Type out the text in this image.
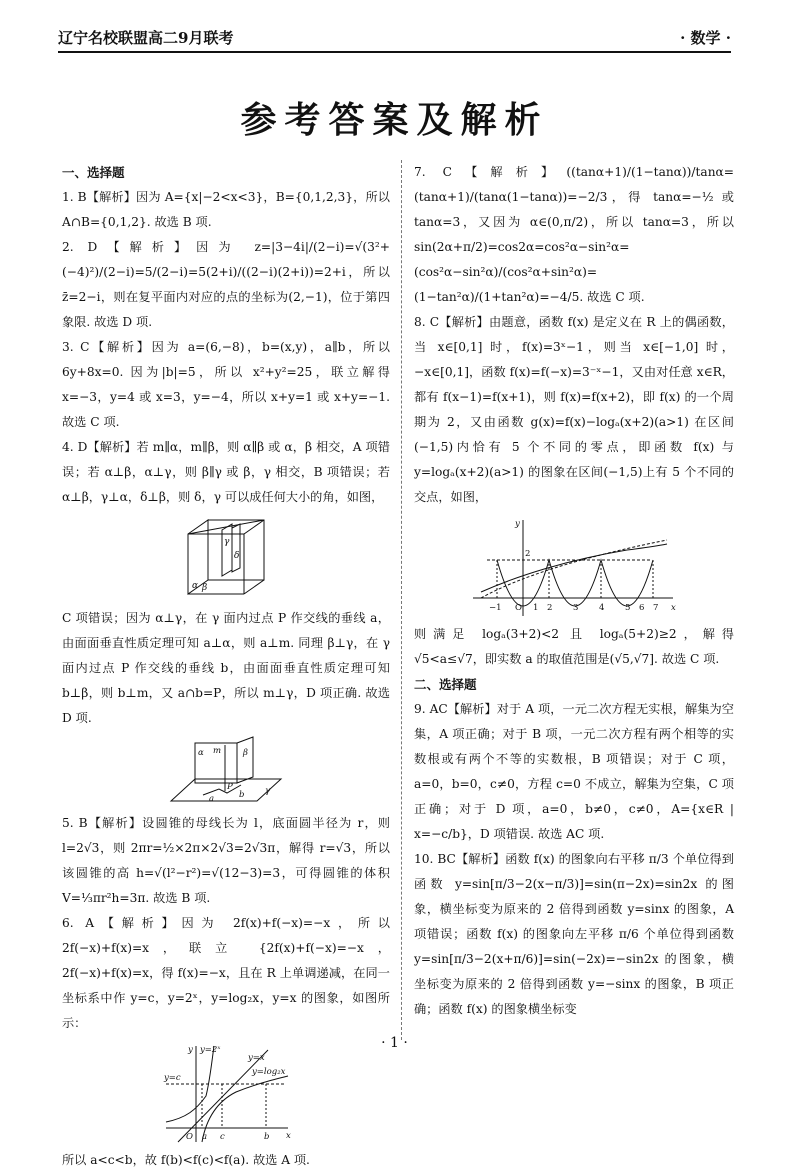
辽宁名校联盟高二9月联考	· 数学 ·
参考答案及解析
一、选择题

1. B【解析】因为 A={x|−2<x<3}，B={0,1,2,3}，所以 A∩B={0,1,2}. 故选 B 项.

2. D【解析】因为 z=|3−4i|/(2−i)=√(3²+(−4)²)/(2−i)=5/(2−i)=5(2+i)/((2−i)(2+i))=2+i，所以 z̄=2−i，则在复平面内对应的点的坐标为(2,−1)，位于第四象限. 故选 D 项.

3. C【解析】因为 a=(6,−8)，b=(x,y)，a∥b，所以 6y+8x=0. 因为|b|=5，所以 x²+y²=25，联立解得 x=−3，y=4 或 x=3，y=−4，所以 x+y=1 或 x+y=−1. 故选 C 项.

4. D【解析】若 m∥α，m∥β，则 α∥β 或 α，β 相交，A 项错误；若 α⊥β，α⊥γ，则 β∥γ 或 β，γ 相交，B 项错误；若 α⊥β，γ⊥α，δ⊥β，则 δ，γ 可以成任何大小的角，如图，

γ
α β
δ

C 项错误；因为 α⊥γ，在 γ 面内过点 P 作交线的垂线 a，由面面垂直性质定理可知 a⊥α，则 a⊥m. 同理 β⊥γ，在 γ 面内过点 P 作交线的垂线 b，由面面垂直性质定理可知 b⊥β，则 b⊥m，又 a∩b=P，所以 m⊥γ，D 项正确. 故选 D 项.

α m	β
γ
P
a	b

5. B【解析】设圆锥的母线长为 l，底面圆半径为 r，则 l=2√3，则 2πr=½×2π×2√3=2√3π，解得 r=√3，所以该圆锥的高 h=√(l²−r²)=√(12−3)=3，可得圆锥的体积 V=⅓πr²h=3π. 故选 B 项.

6. A【解析】因为 2f(x)+f(−x)=−x，所以 2f(−x)+f(x)=x，联立 {2f(x)+f(−x)=−x，2f(−x)+f(x)=x，得 f(x)=−x，且在 R 上单调递减，在同一坐标系中作 y=c，y=2ˣ，y=log₂x，y=x 的图象，如图所示：

y=2ˣ
y=x
y=log₂x
y=c
O a c	b x
y

所以 a<c<b，故 f(b)<f(c)<f(a). 故选 A 项.

7. C【解析】((tanα+1)/(1−tanα))/tanα=(tanα+1)/(tanα(1−tanα))=−2/3，得 tanα=−½ 或 tanα=3，又因为 α∈(0,π/2)，所以 tanα=3，所以 sin(2α+π/2)=cos2α=cos²α−sin²α=(cos²α−sin²α)/(cos²α+sin²α)=(1−tan²α)/(1+tan²α)=−4/5. 故选 C 项.

8. C【解析】由题意，函数 f(x) 是定义在 R 上的偶函数，当 x∈[0,1] 时，f(x)=3ˣ−1，则当 x∈[−1,0] 时，−x∈[0,1]，函数 f(x)=f(−x)=3⁻ˣ−1，又由对任意 x∈R，都有 f(x−1)=f(x+1)，则 f(x)=f(x+2)，即 f(x) 的一个周期为 2，又由函数 g(x)=f(x)−logₐ(x+2)(a>1) 在区间(−1,5)内恰有 5 个不同的零点，即函数 f(x) 与 y=logₐ(x+2)(a>1) 的图象在区间(−1,5)上有 5 个不同的交点，如图，

y
x
2
−1 O 1 2 3 4 5 6 7

则满足 logₐ(3+2)<2 且 logₐ(5+2)≥2，解得√5<a≤√7，即实数 a 的取值范围是(√5,√7]. 故选 C 项.

二、选择题

9. AC【解析】对于 A 项，一元二次方程无实根，解集为空集，A 项正确；对于 B 项，一元二次方程有两个相等的实数根或有两个不等的实数根，B 项错误；对于 C 项，a=0，b=0，c≠0，方程 c=0 不成立，解集为空集，C 项正确；对于 D 项，a=0，b≠0，c≠0，A={x∈R | x=−c/b}，D 项错误. 故选 AC 项.

10. BC【解析】函数 f(x) 的图象向右平移 π/3 个单位得到函数 y=sin[π/3−2(x−π/3)]=sin(π−2x)=sin2x 的图象，横坐标变为原来的 2 倍得到函数 y=sinx 的图象，A 项错误；函数 f(x) 的图象向左平移 π/6 个单位得到函数 y=sin[π/3−2(x+π/6)]=sin(−2x)=−sin2x 的图象，横坐标变为原来的 2 倍得到函数 y=−sinx 的图象，B 项正确；函数 f(x) 的图象横坐标变

· 1 ·
